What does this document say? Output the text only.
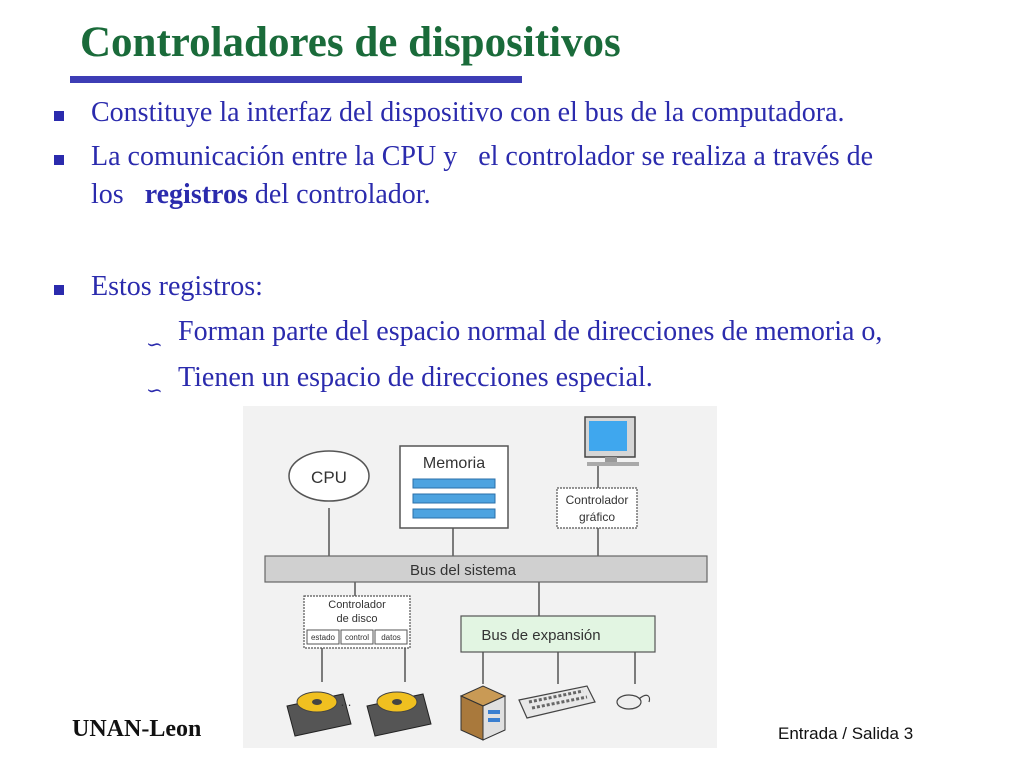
Controladores de dispositivos
Constituye la interfaz del dispositivo con el bus de la computadora.
La comunicación entre la CPU y   el controlador se realiza a través de
los registros del controlador.
Estos registros:
∽ Forman parte del espacio normal de direcciones de memoria o,
∽ Tienen un espacio de direcciones especial.
CPU
Memoria
Controlador
gráfico
Bus del sistema
Controlador
de disco
estado control datos	Bus de expansión
...
UNAN-Leon	Entrada / Salida 3
